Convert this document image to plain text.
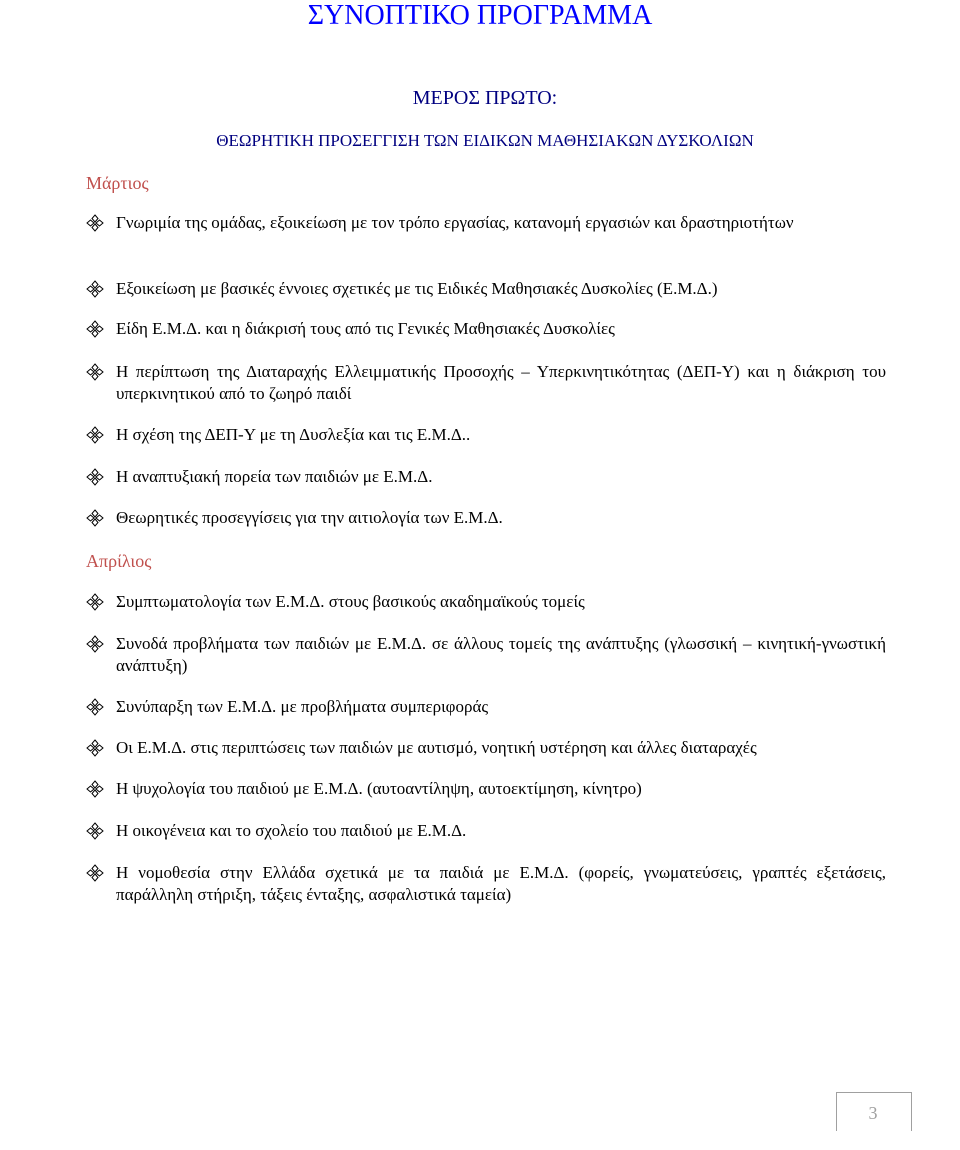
ΣΥΝΟΠΤΙΚΟ ΠΡΟΓΡΑΜΜΑ
ΜΕΡΟΣ ΠΡΩΤΟ:
ΘΕΩΡΗΤΙΚΗ ΠΡΟΣΕΓΓΙΣΗ ΤΩΝ ΕΙΔΙΚΩΝ ΜΑΘΗΣΙΑΚΩΝ ΔΥΣΚΟΛΙΩΝ
Μάρτιος
Γνωριμία της ομάδας, εξοικείωση με τον τρόπο εργασίας, κατανομή εργασιών και δραστηριοτήτων
Εξοικείωση με βασικές έννοιες σχετικές με τις Ειδικές Μαθησιακές Δυσκολίες (Ε.Μ.Δ.)
Είδη Ε.Μ.Δ. και η διάκρισή τους από τις Γενικές Μαθησιακές Δυσκολίες
Η περίπτωση της Διαταραχής Ελλειμματικής Προσοχής – Υπερκινητικότητας (ΔΕΠ-Υ) και η διάκριση του υπερκινητικού από το ζωηρό παιδί
Η σχέση της ΔΕΠ-Υ με τη Δυσλεξία και τις Ε.Μ.Δ..
Η αναπτυξιακή πορεία των παιδιών με Ε.Μ.Δ.
Θεωρητικές προσεγγίσεις για την αιτιολογία των Ε.Μ.Δ.
Απρίλιος
Συμπτωματολογία των Ε.Μ.Δ. στους βασικούς ακαδημαϊκούς τομείς
Συνοδά προβλήματα των παιδιών με Ε.Μ.Δ. σε άλλους τομείς της ανάπτυξης (γλωσσική – κινητική-γνωστική ανάπτυξη)
Συνύπαρξη των Ε.Μ.Δ. με προβλήματα συμπεριφοράς
Οι Ε.Μ.Δ. στις περιπτώσεις των παιδιών με αυτισμό, νοητική υστέρηση και άλλες διαταραχές
Η ψυχολογία του παιδιού με Ε.Μ.Δ. (αυτοαντίληψη, αυτοεκτίμηση, κίνητρο)
Η οικογένεια και το σχολείο του παιδιού με Ε.Μ.Δ.
Η νομοθεσία στην Ελλάδα σχετικά με τα παιδιά με Ε.Μ.Δ. (φορείς, γνωματεύσεις, γραπτές εξετάσεις, παράλληλη στήριξη, τάξεις ένταξης, ασφαλιστικά ταμεία)
3
